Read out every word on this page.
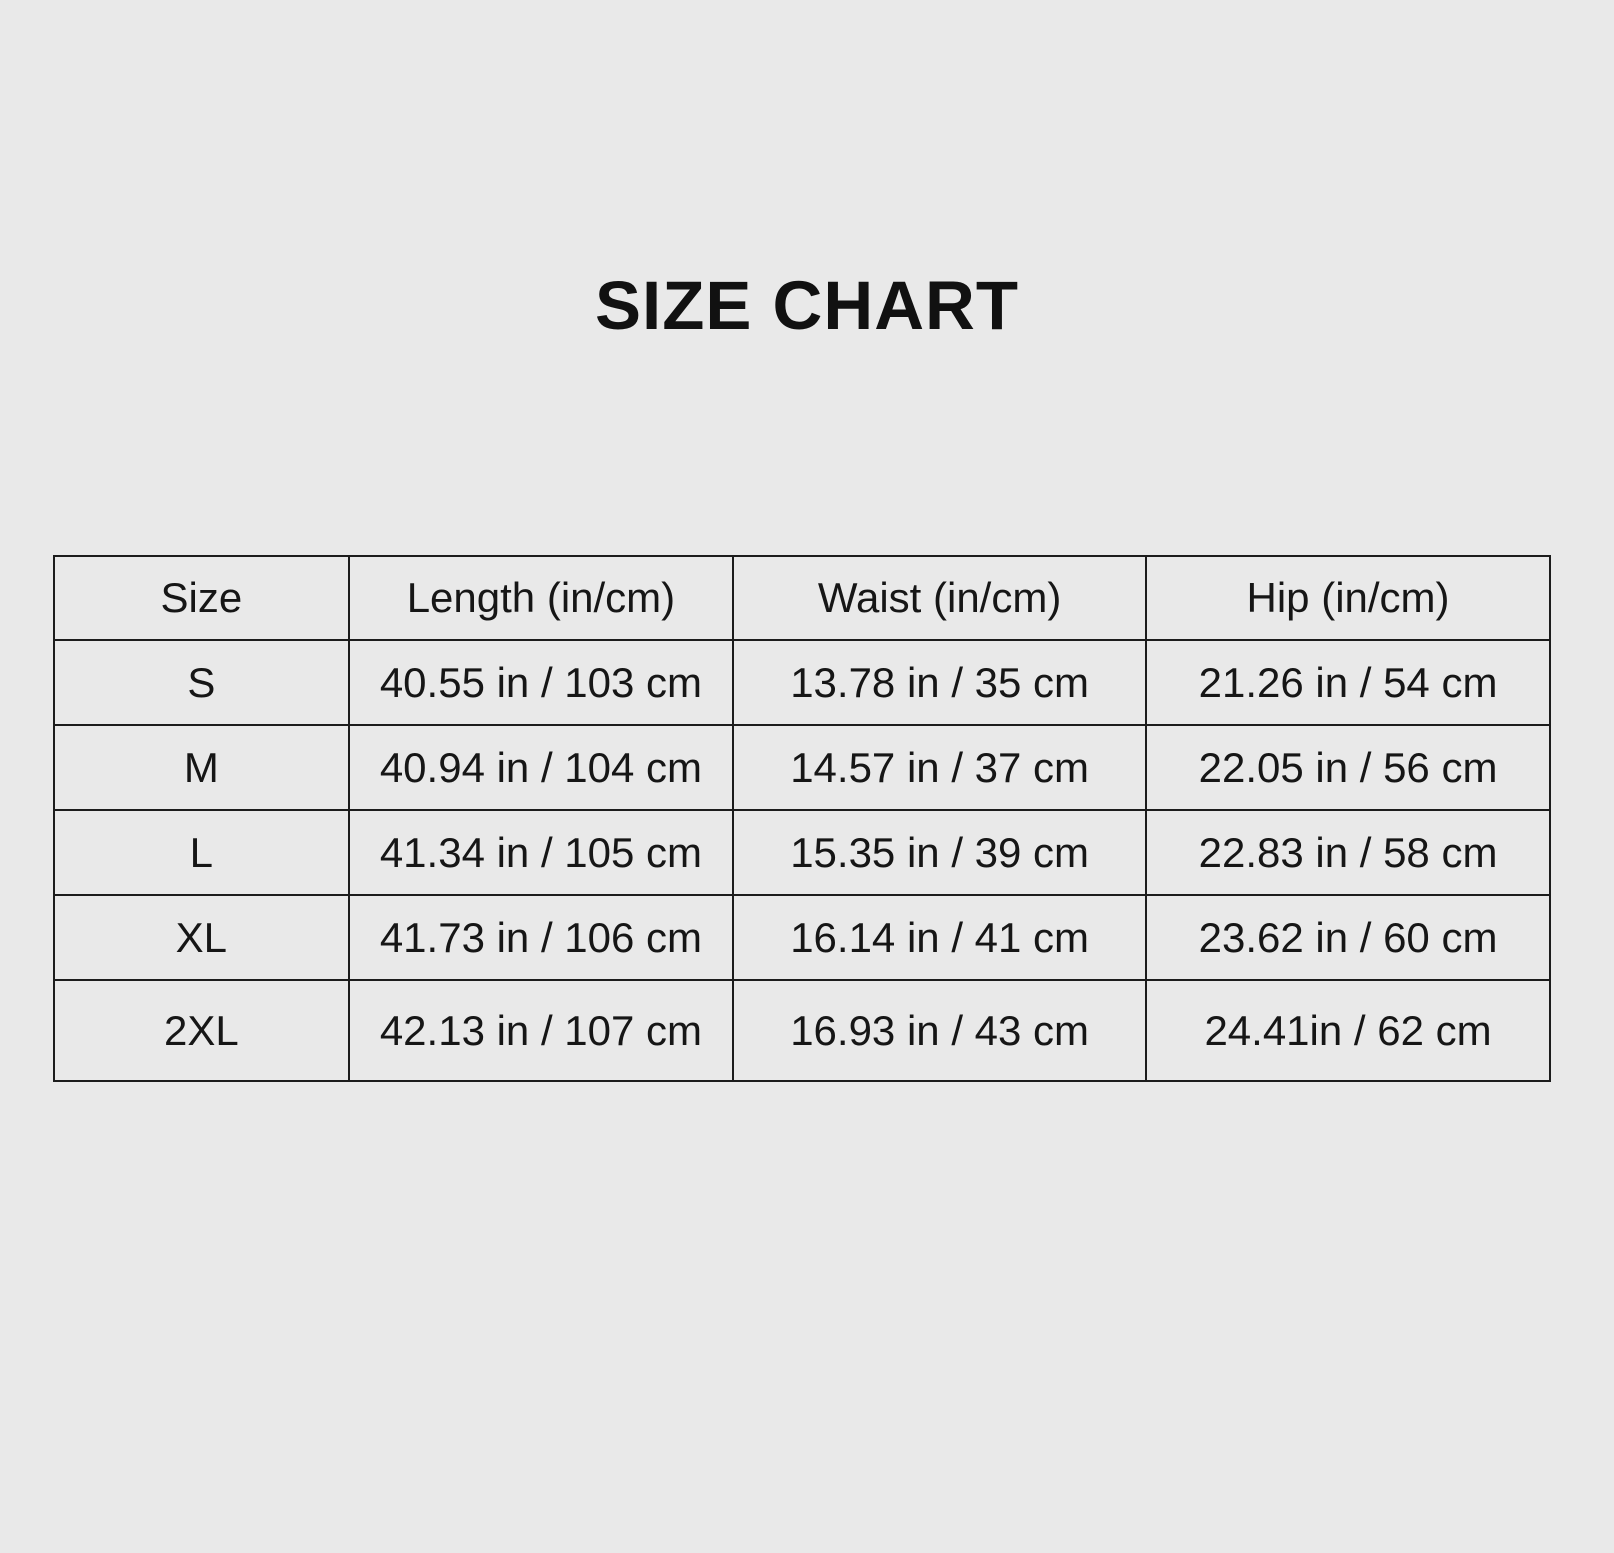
SIZE CHART
Size	Length (in/cm)	Waist (in/cm)	Hip (in/cm)
S	40.55 in / 103 cm	13.78 in / 35 cm	21.26 in / 54 cm
M	40.94 in / 104 cm	14.57 in / 37 cm	22.05 in / 56 cm
L	41.34 in / 105 cm	15.35 in / 39 cm	22.83 in / 58 cm
XL	41.73 in / 106 cm	16.14 in / 41 cm	23.62 in / 60 cm
2XL	42.13 in / 107 cm	16.93 in / 43 cm	24.41in / 62 cm
